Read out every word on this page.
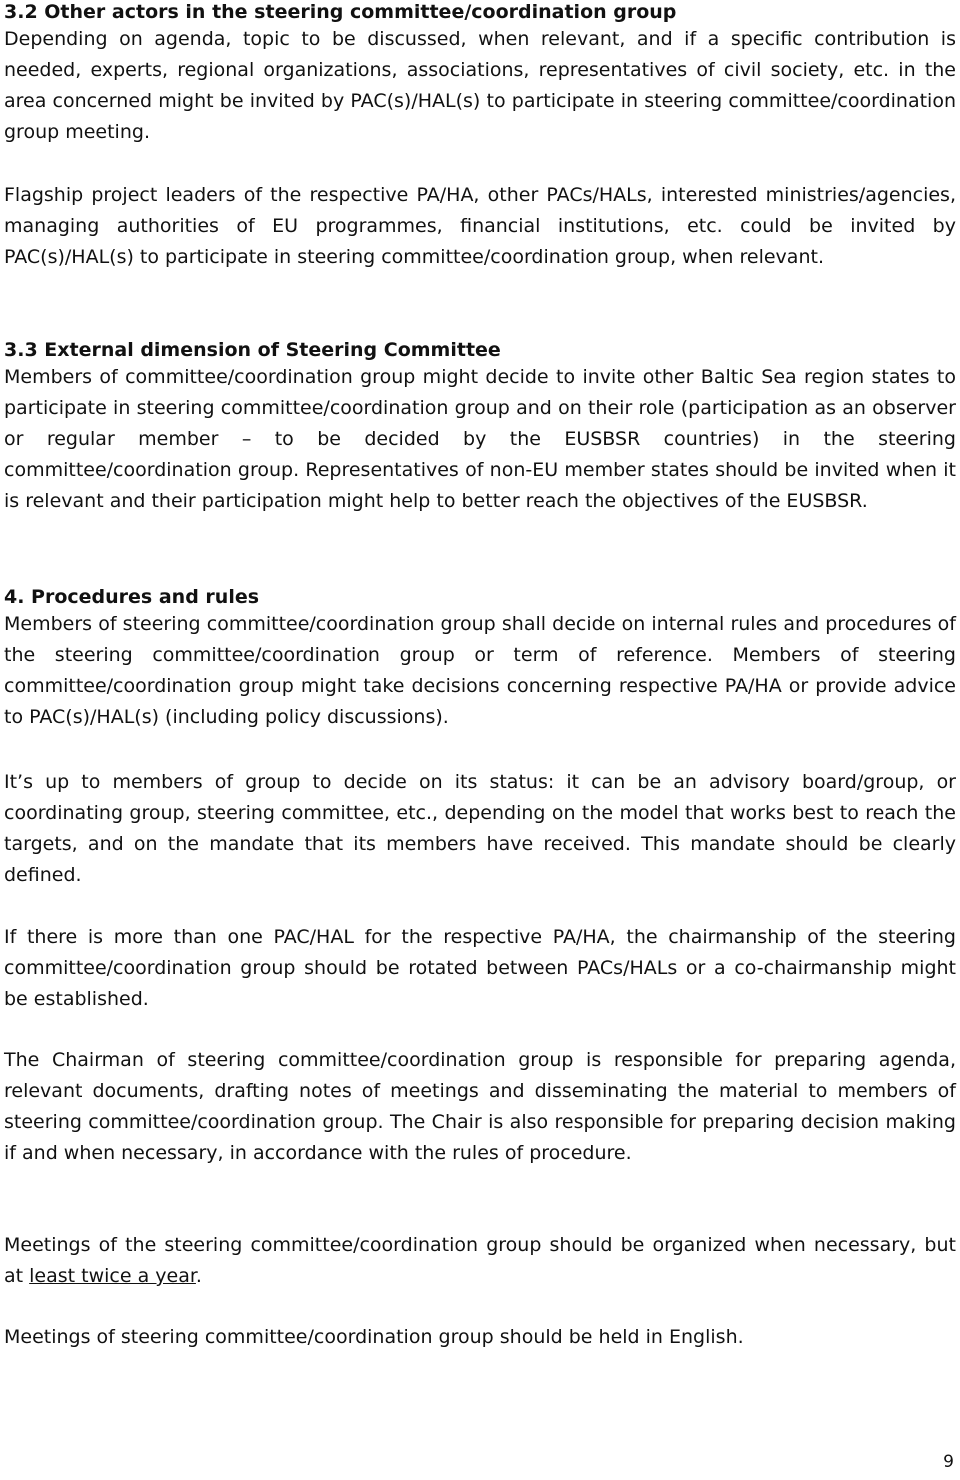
3.2 Other actors in the steering committee/coordination group

Depending on agenda, topic to be discussed, when relevant, and if a specific contribution is needed, experts, regional organizations, associations, representatives of civil society, etc. in the area concerned might be invited by PAC(s)/HAL(s) to participate in steering committee/coordination group meeting.

Flagship project leaders of the respective PA/HA, other PACs/HALs, interested ministries/agencies, managing authorities of EU programmes, financial institutions, etc. could be invited by PAC(s)/HAL(s) to participate in steering committee/coordination group, when relevant.

3.3 External dimension of Steering Committee

Members of committee/coordination group might decide to invite other Baltic Sea region states to participate in steering committee/coordination group and on their role (participation as an observer or regular member – to be decided by the EUSBSR countries) in the steering committee/coordination group. Representatives of non-EU member states should be invited when it is relevant and their participation might help to better reach the objectives of the EUSBSR.

4. Procedures and rules

Members of steering committee/coordination group shall decide on internal rules and procedures of the steering committee/coordination group or term of reference. Members of steering committee/coordination group might take decisions concerning respective PA/HA or provide advice to PAC(s)/HAL(s) (including policy discussions).

It’s up to members of group to decide on its status: it can be an advisory board/group, or coordinating group, steering committee, etc., depending on the model that works best to reach the targets, and on the mandate that its members have received. This mandate should be clearly defined.

If there is more than one PAC/HAL for the respective PA/HA, the chairmanship of the steering committee/coordination group should be rotated between PACs/HALs or a co-chairmanship might be established.

The Chairman of steering committee/coordination group is responsible for preparing agenda, relevant documents, drafting notes of meetings and disseminating the material to members of steering committee/coordination group. The Chair is also responsible for preparing decision making if and when necessary, in accordance with the rules of procedure.

Meetings of the steering committee/coordination group should be organized when necessary, but at least twice a year.

Meetings of steering committee/coordination group should be held in English.

9
